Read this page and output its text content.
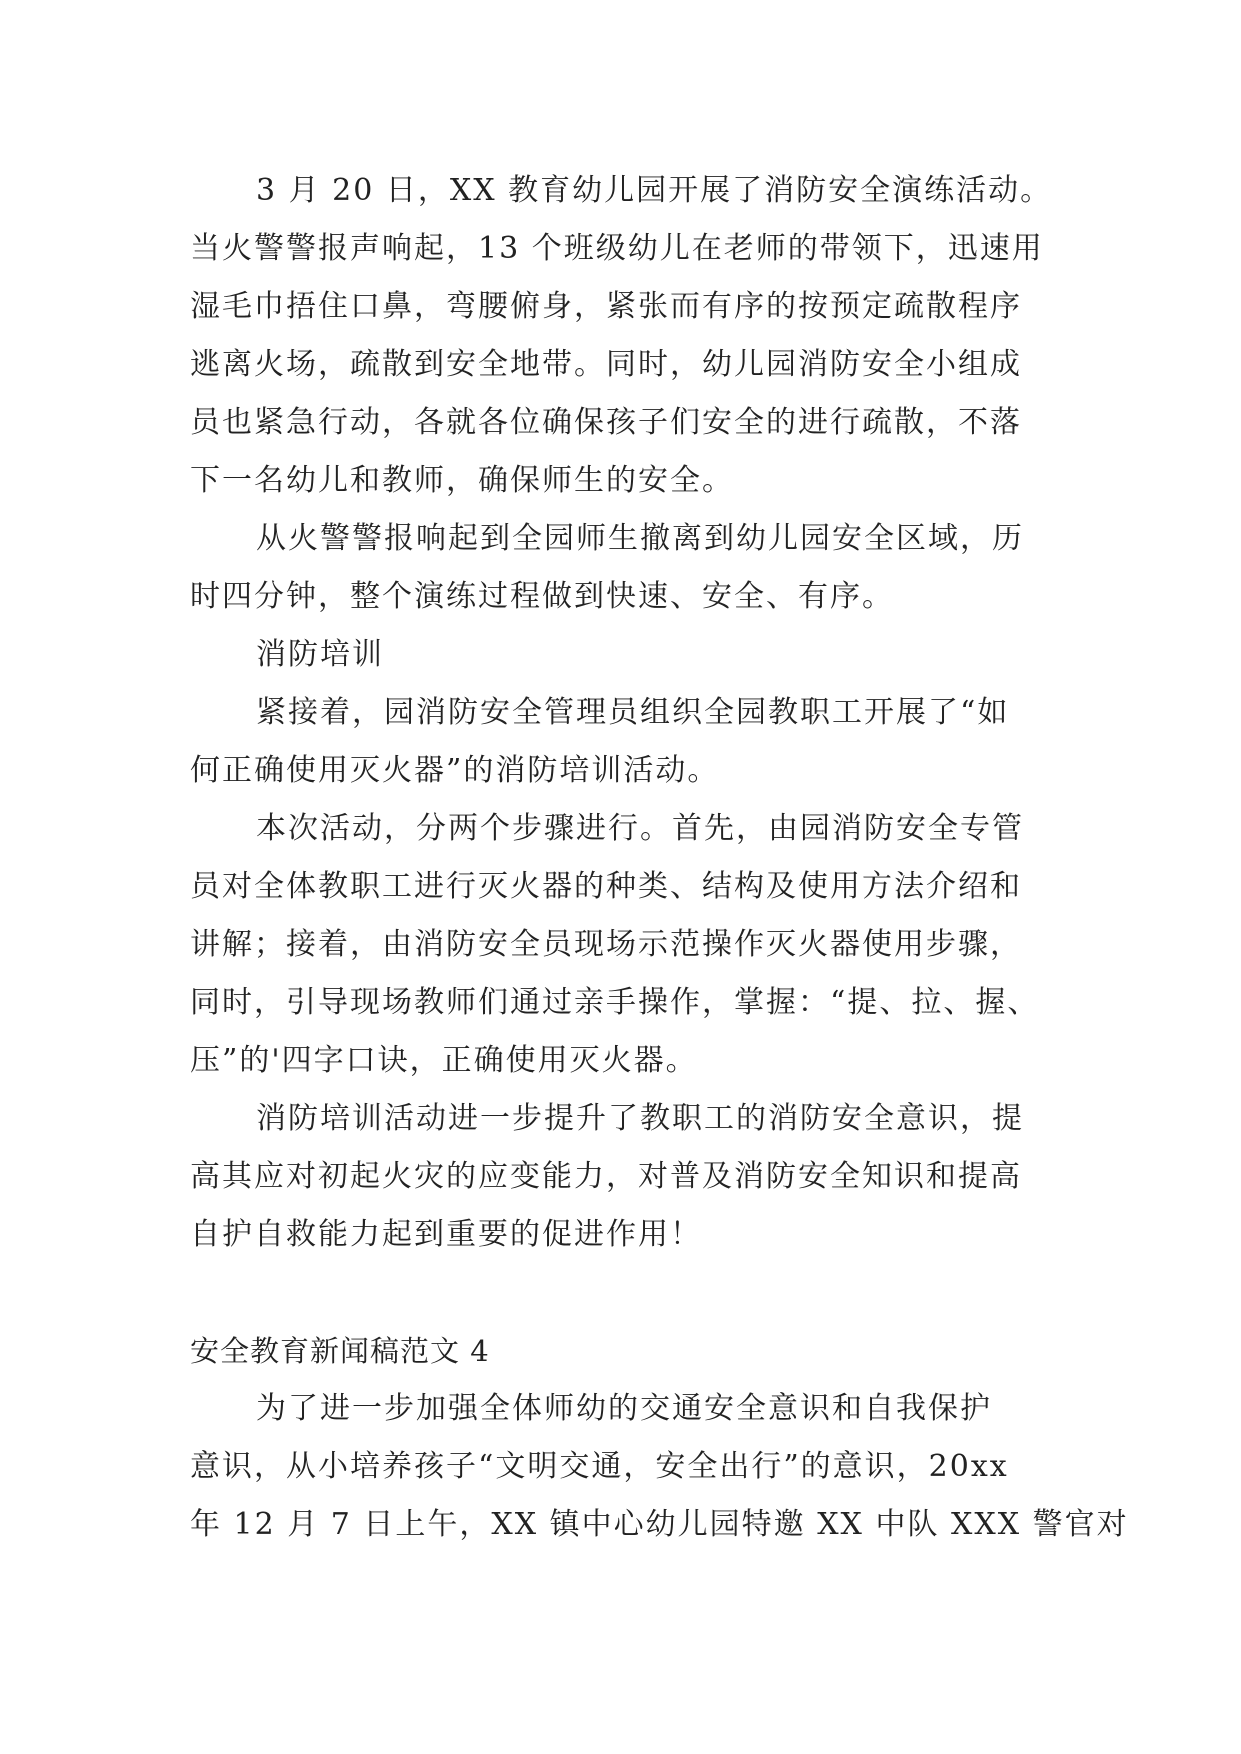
3 月 20 日，XX 教育幼儿园开展了消防安全演练活动。
当火警警报声响起，13 个班级幼儿在老师的带领下，迅速用
湿毛巾捂住口鼻，弯腰俯身，紧张而有序的按预定疏散程序
逃离火场，疏散到安全地带。同时，幼儿园消防安全小组成
员也紧急行动，各就各位确保孩子们安全的进行疏散，不落
下一名幼儿和教师，确保师生的安全。
从火警警报响起到全园师生撤离到幼儿园安全区域，历
时四分钟，整个演练过程做到快速、安全、有序。
消防培训
紧接着，园消防安全管理员组织全园教职工开展了“如
何正确使用灭火器”的消防培训活动。
本次活动，分两个步骤进行。首先，由园消防安全专管
员对全体教职工进行灭火器的种类、结构及使用方法介绍和
讲解；接着，由消防安全员现场示范操作灭火器使用步骤，
同时，引导现场教师们通过亲手操作，掌握：“提、拉、握、
压”的'四字口诀，正确使用灭火器。
消防培训活动进一步提升了教职工的消防安全意识，提
高其应对初起火灾的应变能力，对普及消防安全知识和提高
自护自救能力起到重要的促进作用！
安全教育新闻稿范文 4
为了进一步加强全体师幼的交通安全意识和自我保护
意识，从小培养孩子“文明交通，安全出行”的意识，20xx
年 12 月 7 日上午，XX 镇中心幼儿园特邀 XX 中队 XXX 警官对
